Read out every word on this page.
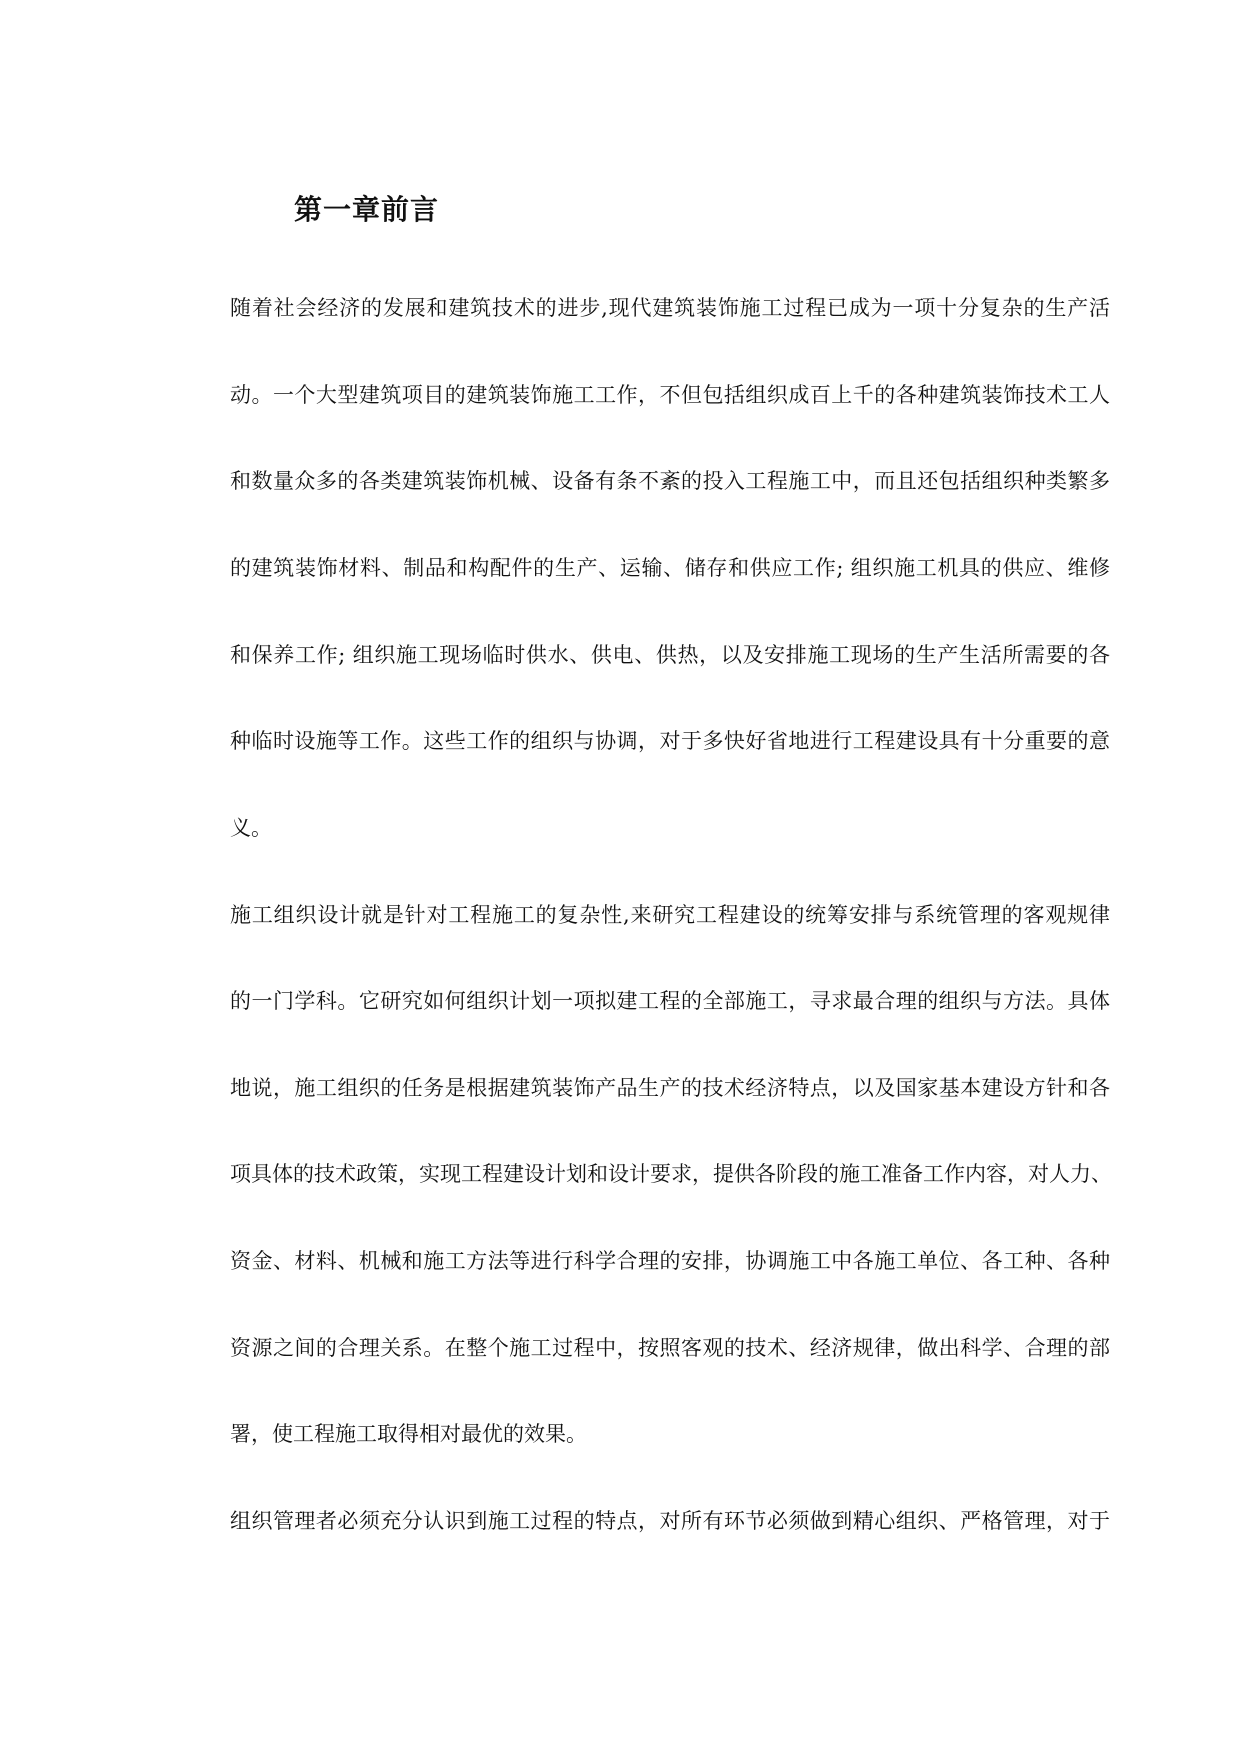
第一章前言
随着社会经济的发展和建筑技术的进步,现代建筑装饰施工过程已成为一项十分复杂的生产活
动。一个大型建筑项目的建筑装饰施工工作，不但包括组织成百上千的各种建筑装饰技术工人
和数量众多的各类建筑装饰机械、设备有条不紊的投入工程施工中，而且还包括组织种类繁多
的建筑装饰材料、制品和构配件的生产、运输、储存和供应工作; 组织施工机具的供应、维修
和保养工作; 组织施工现场临时供水、供电、供热，以及安排施工现场的生产生活所需要的各
种临时设施等工作。这些工作的组织与协调，对于多快好省地进行工程建设具有十分重要的意
义。
施工组织设计就是针对工程施工的复杂性,来研究工程建设的统筹安排与系统管理的客观规律
的一门学科。它研究如何组织计划一项拟建工程的全部施工，寻求最合理的组织与方法。具体
地说，施工组织的任务是根据建筑装饰产品生产的技术经济特点，以及国家基本建设方针和各
项具体的技术政策，实现工程建设计划和设计要求，提供各阶段的施工准备工作内容，对人力、
资金、材料、机械和施工方法等进行科学合理的安排，协调施工中各施工单位、各工种、各种
资源之间的合理关系。在整个施工过程中，按照客观的技术、经济规律，做出科学、合理的部
署，使工程施工取得相对最优的效果。
组织管理者必须充分认识到施工过程的特点，对所有环节必须做到精心组织、严格管理，对于
